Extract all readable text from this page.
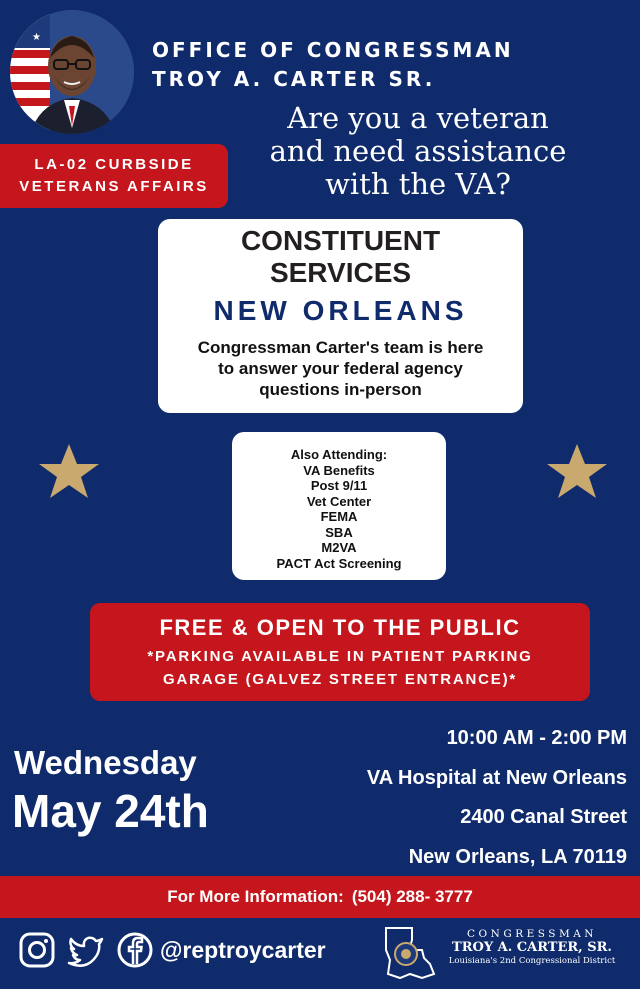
★
★
OFFICE OF CONGRESSMAN
TROY A. CARTER SR.
Are you a veteran
and need assistance
with the VA?
LA-02 CURBSIDE
VETERANS AFFAIRS
CONSTITUENT
SERVICES
NEW ORLEANS
Congressman Carter's team is here
to answer your federal agency
questions in-person
Also Attending:
VA Benefits
Post 9/11
Vet Center
FEMA
SBA
M2VA
PACT Act Screening
FREE & OPEN TO THE PUBLIC
*PARKING AVAILABLE IN PATIENT PARKING
GARAGE (GALVEZ STREET ENTRANCE)*
Wednesday
May 24th
10:00 AM - 2:00 PM
VA Hospital at New Orleans
2400 Canal Street
New Orleans, LA 70119
For More Information: (504) 288- 3777
@reptroycarter
CONGRESSMAN
TROY A. CARTER, SR.
Louisiana's 2nd Congressional District
